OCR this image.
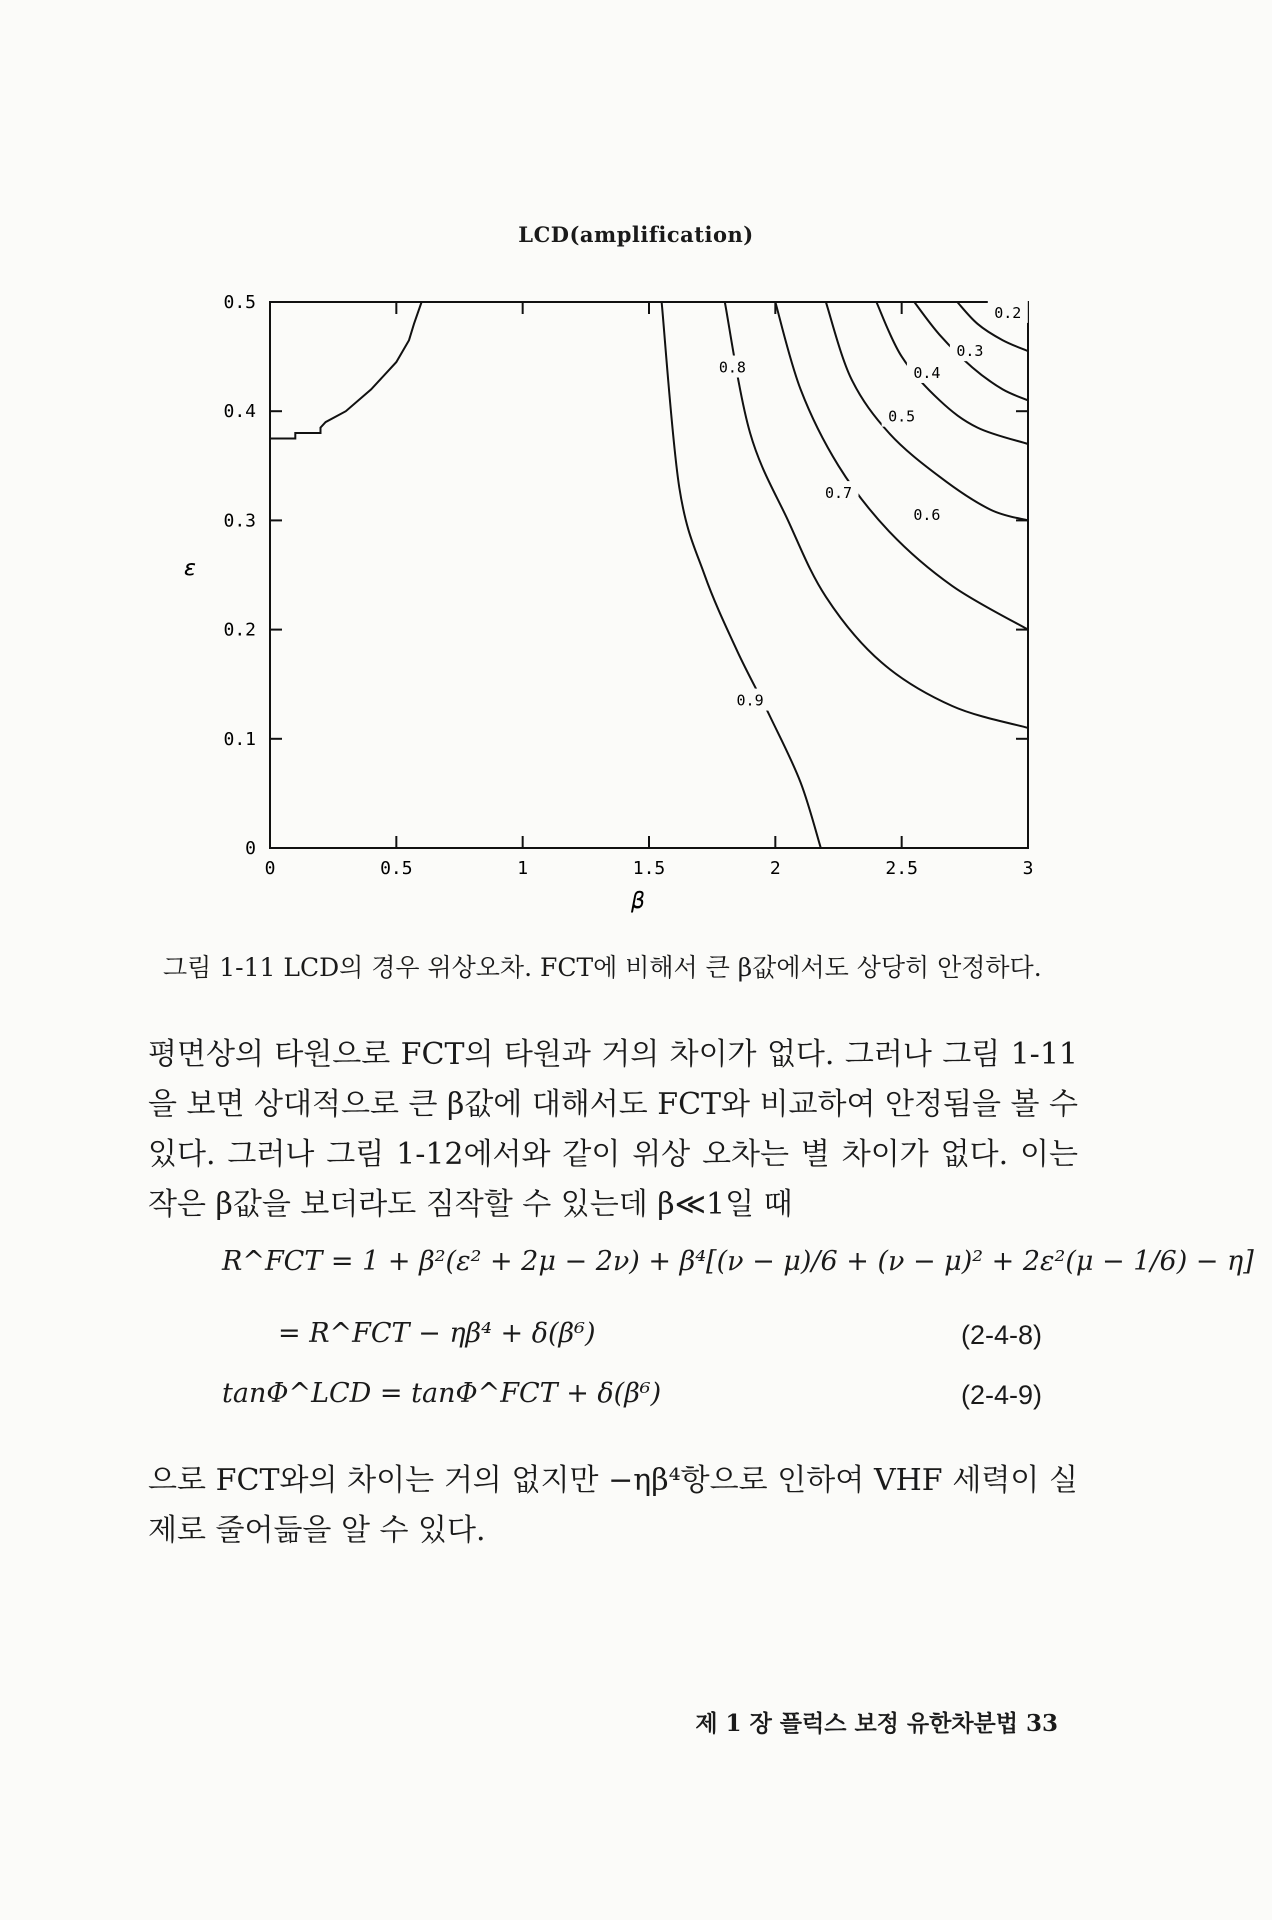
LCD(amplification)
0	0.5	1	1.5	2	2.5	3
0
0.1
0.2
0.3
0.4
0.5
0.8	0.4
0.3
0.2
0.5
0.7
0.6
0.9
β
ε
그림 1-11 LCD의 경우 위상오차. FCT에 비해서 큰 β값에서도 상당히 안정하다.
평면상의 타원으로 FCT의 타원과 거의 차이가 없다. 그러나 그림 1-11을 보면 상대적으로 큰 β값에 대해서도 FCT와 비교하여 안정됨을 볼 수 있다. 그러나 그림 1-12에서와 같이 위상 오차는 별 차이가 없다. 이는 작은 β값을 보더라도 짐작할 수 있는데 β≪1일 때
R^FCT = 1 + β²(ε² + 2μ − 2ν) + β⁴[(ν − μ)/6 + (ν − μ)² + 2ε²(μ − 1/6) − η]
= R^FCT − ηβ⁴ + δ(β⁶)	(2-4-8)
tanΦ^LCD = tanΦ^FCT + δ(β⁶)	(2-4-9)
으로 FCT와의 차이는 거의 없지만 −ηβ⁴항으로 인하여 VHF 세력이 실제로 줄어듦을 알 수 있다.
제 1 장 플럭스 보정 유한차분법 33
